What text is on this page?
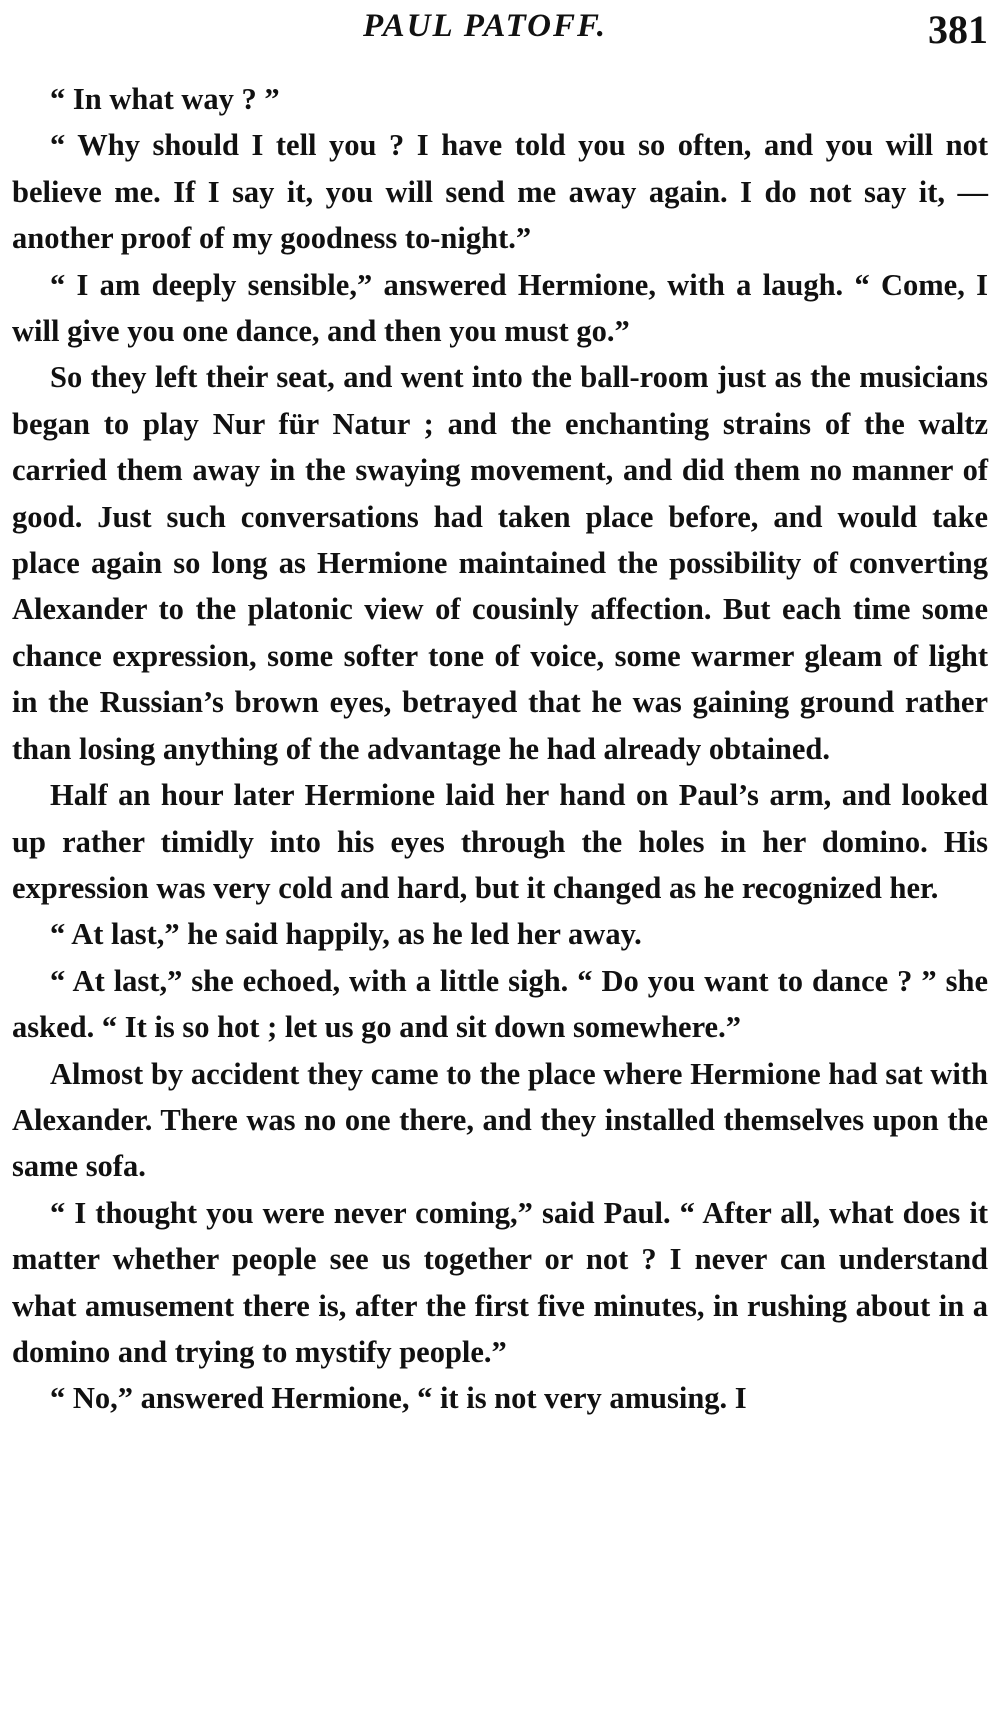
PAUL PATOFF.	381

“ In what way ? ”

“ Why should I tell you ? I have told you so often, and you will not believe me. If I say it, you will send me away again. I do not say it, — another proof of my goodness to-night.”

“ I am deeply sensible,” answered Hermione, with a laugh. “ Come, I will give you one dance, and then you must go.”

So they left their seat, and went into the ball-room just as the musicians began to play Nur für Natur ; and the enchanting strains of the waltz carried them away in the swaying movement, and did them no manner of good. Just such conversations had taken place before, and would take place again so long as Hermione maintained the possibility of converting Alexander to the platonic view of cousinly affection. But each time some chance expression, some softer tone of voice, some warmer gleam of light in the Russian’s brown eyes, betrayed that he was gaining ground rather than losing anything of the advantage he had already obtained.

Half an hour later Hermione laid her hand on Paul’s arm, and looked up rather timidly into his eyes through the holes in her domino. His expression was very cold and hard, but it changed as he recognized her.

“ At last,” he said happily, as he led her away.

“ At last,” she echoed, with a little sigh. “ Do you want to dance ? ” she asked. “ It is so hot ; let us go and sit down somewhere.”

Almost by accident they came to the place where Hermione had sat with Alexander. There was no one there, and they installed themselves upon the same sofa.

“ I thought you were never coming,” said Paul. “ After all, what does it matter whether people see us together or not ? I never can understand what amusement there is, after the first five minutes, in rushing about in a domino and trying to mystify people.”

“ No,” answered Hermione, “ it is not very amusing. I
